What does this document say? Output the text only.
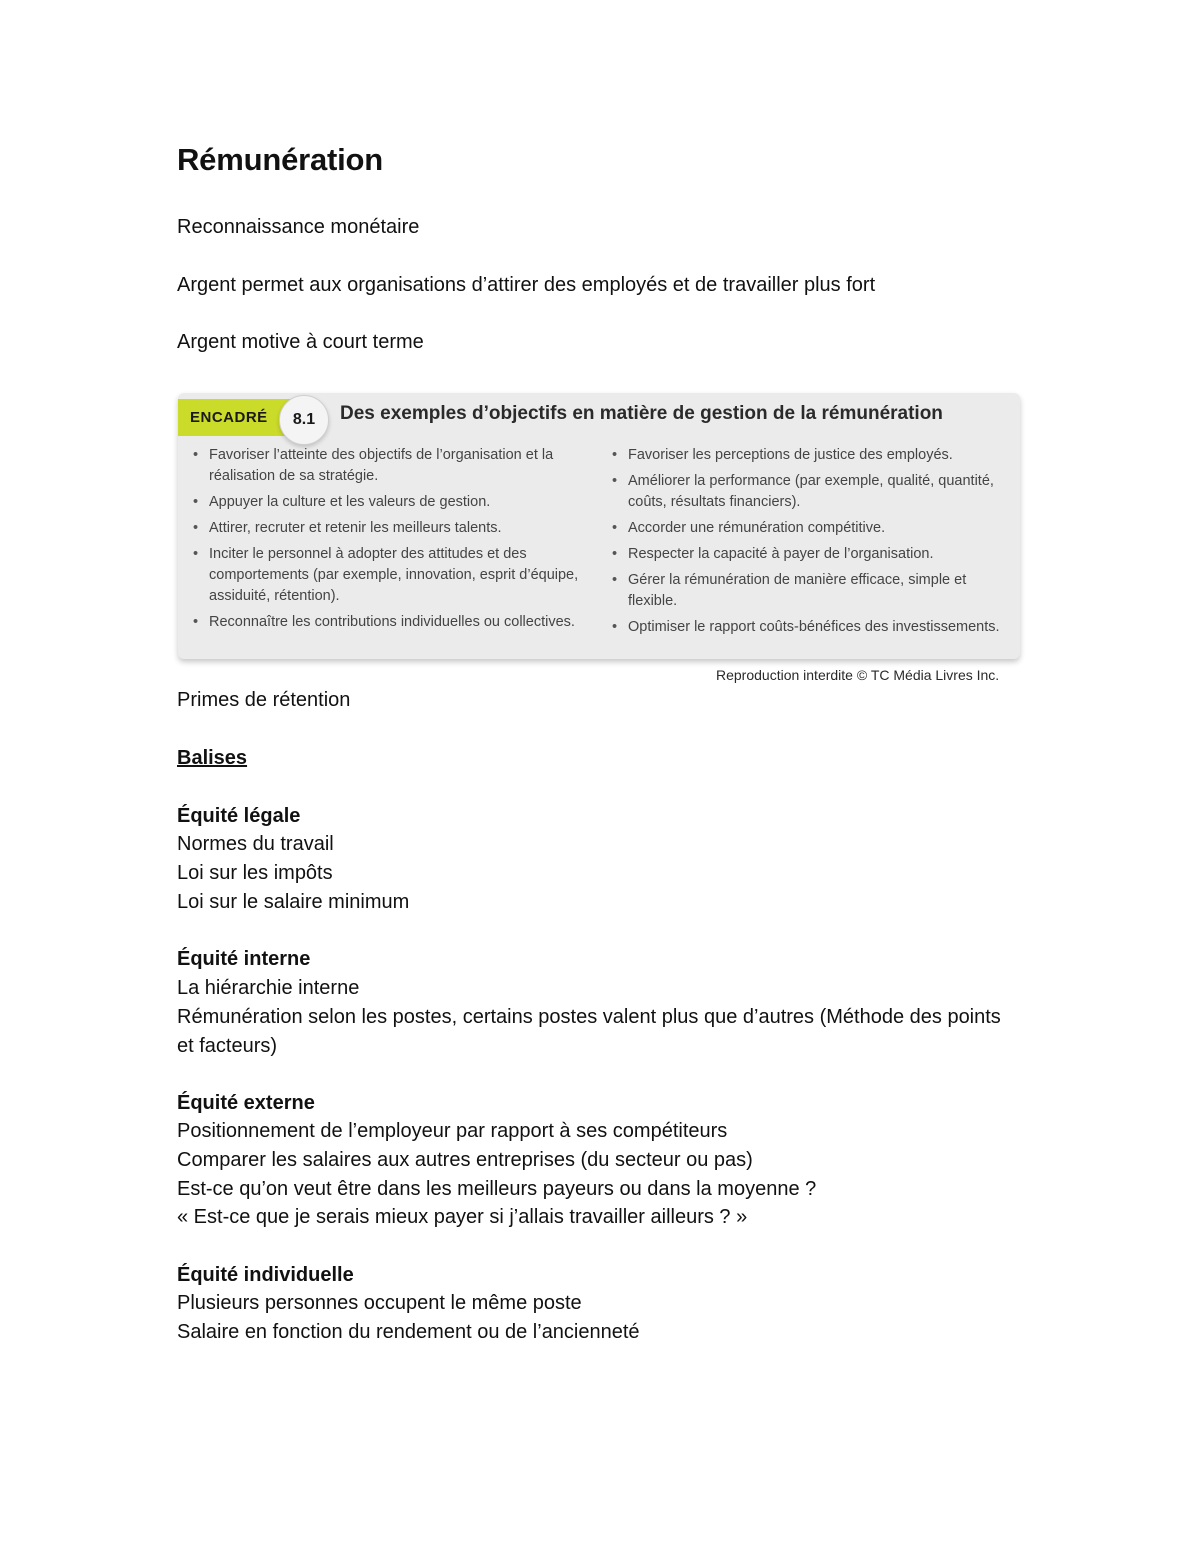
Rémunération
Reconnaissance monétaire
Argent permet aux organisations d’attirer des employés et de travailler plus fort
Argent motive à court terme
ENCADRÉ	8.1	Des exemples d’objectifs en matière de gestion de la rémunération
• Favoriser l’atteinte des objectifs de l’organisation et la réalisation de sa stratégie.
• Appuyer la culture et les valeurs de gestion.
• Attirer, recruter et retenir les meilleurs talents.
• Inciter le personnel à adopter des attitudes et des comportements (par exemple, innovation, esprit d’équipe, assiduité, rétention).
• Reconnaître les contributions individuelles ou collectives.
• Favoriser les perceptions de justice des employés.
• Améliorer la performance (par exemple, qualité, quantité, coûts, résultats financiers).
• Accorder une rémunération compétitive.
• Respecter la capacité à payer de l’organisation.
• Gérer la rémunération de manière efficace, simple et flexible.
• Optimiser le rapport coûts-bénéfices des investissements.
Reproduction interdite © TC Média Livres Inc.
Primes de rétention
Balises
Équité légale
Normes du travail
Loi sur les impôts
Loi sur le salaire minimum
Équité interne
La hiérarchie interne
Rémunération selon les postes, certains postes valent plus que d’autres (Méthode des points et facteurs)
Équité externe
Positionnement de l’employeur par rapport à ses compétiteurs
Comparer les salaires aux autres entreprises (du secteur ou pas)
Est-ce qu’on veut être dans les meilleurs payeurs ou dans la moyenne ?
« Est-ce que je serais mieux payer si j’allais travailler ailleurs ? »
Équité individuelle
Plusieurs personnes occupent le même poste
Salaire en fonction du rendement ou de l’ancienneté
